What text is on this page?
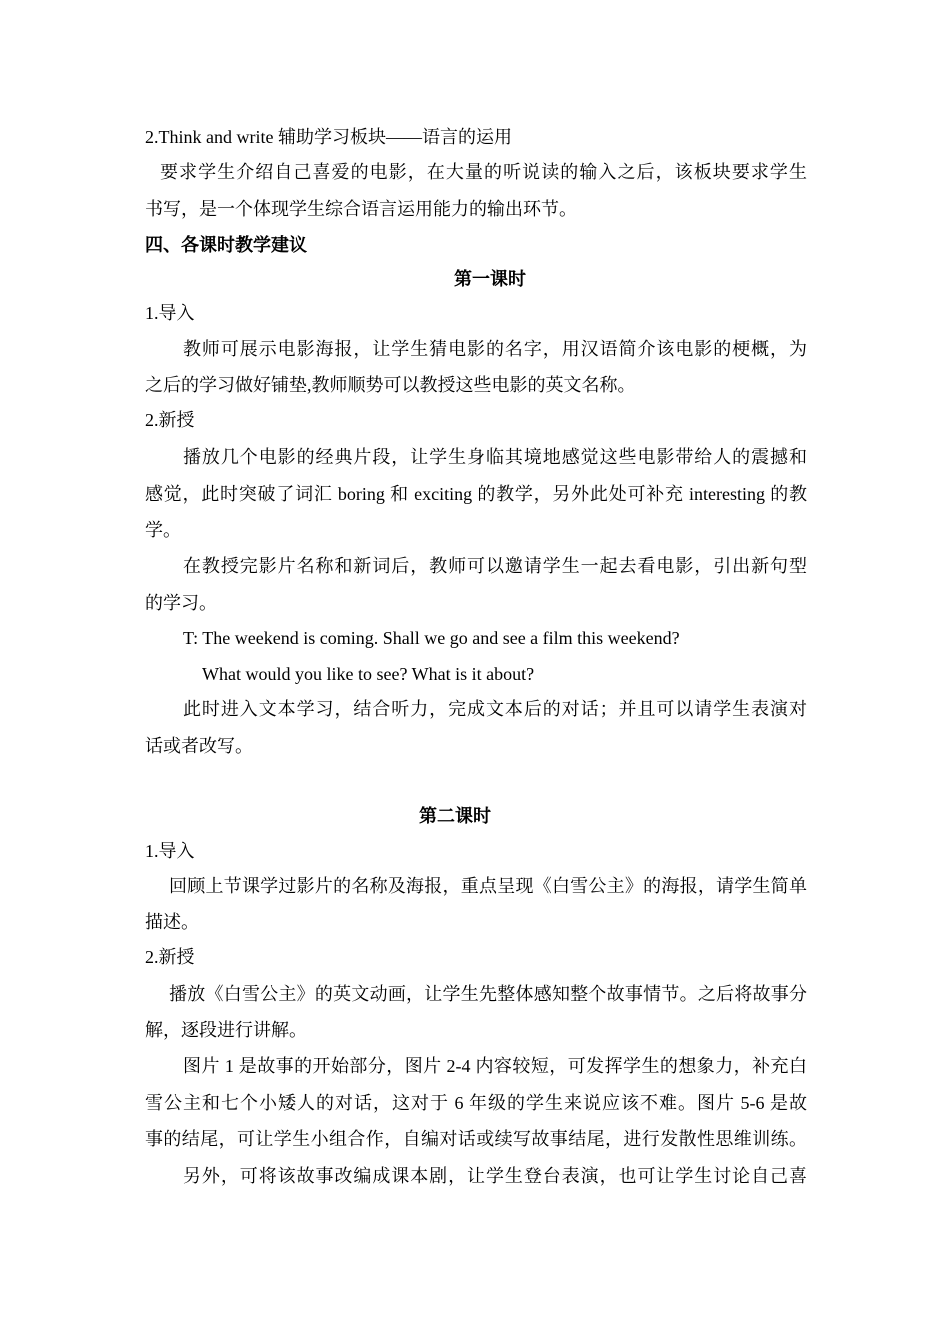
2.Think and write 辅助学习板块——语言的运用
要求学生介绍自己喜爱的电影，在大量的听说读的输入之后，该板块要求学生
书写，是一个体现学生综合语言运用能力的输出环节。
四、各课时教学建议
第一课时
1.导入
教师可展示电影海报，让学生猜电影的名字，用汉语简介该电影的梗概，为
之后的学习做好铺垫,教师顺势可以教授这些电影的英文名称。
2.新授
播放几个电影的经典片段，让学生身临其境地感觉这些电影带给人的震撼和
感觉，此时突破了词汇 boring 和 exciting 的教学，另外此处可补充 interesting 的教
学。
在教授完影片名称和新词后，教师可以邀请学生一起去看电影，引出新句型
的学习。
T: The weekend is coming. Shall we go and see a film this weekend?
What would you like to see? What is it about?
此时进入文本学习，结合听力，完成文本后的对话；并且可以请学生表演对
话或者改写。
第二课时
1.导入
回顾上节课学过影片的名称及海报，重点呈现《白雪公主》的海报，请学生简单
描述。
2.新授
播放《白雪公主》的英文动画，让学生先整体感知整个故事情节。之后将故事分
解，逐段进行讲解。
图片 1 是故事的开始部分，图片 2-4 内容较短，可发挥学生的想象力，补充白
雪公主和七个小矮人的对话，这对于 6 年级的学生来说应该不难。图片 5-6 是故
事的结尾，可让学生小组合作，自编对话或续写故事结尾，进行发散性思维训练。
另外，可将该故事改编成课本剧，让学生登台表演，也可让学生讨论自己喜
